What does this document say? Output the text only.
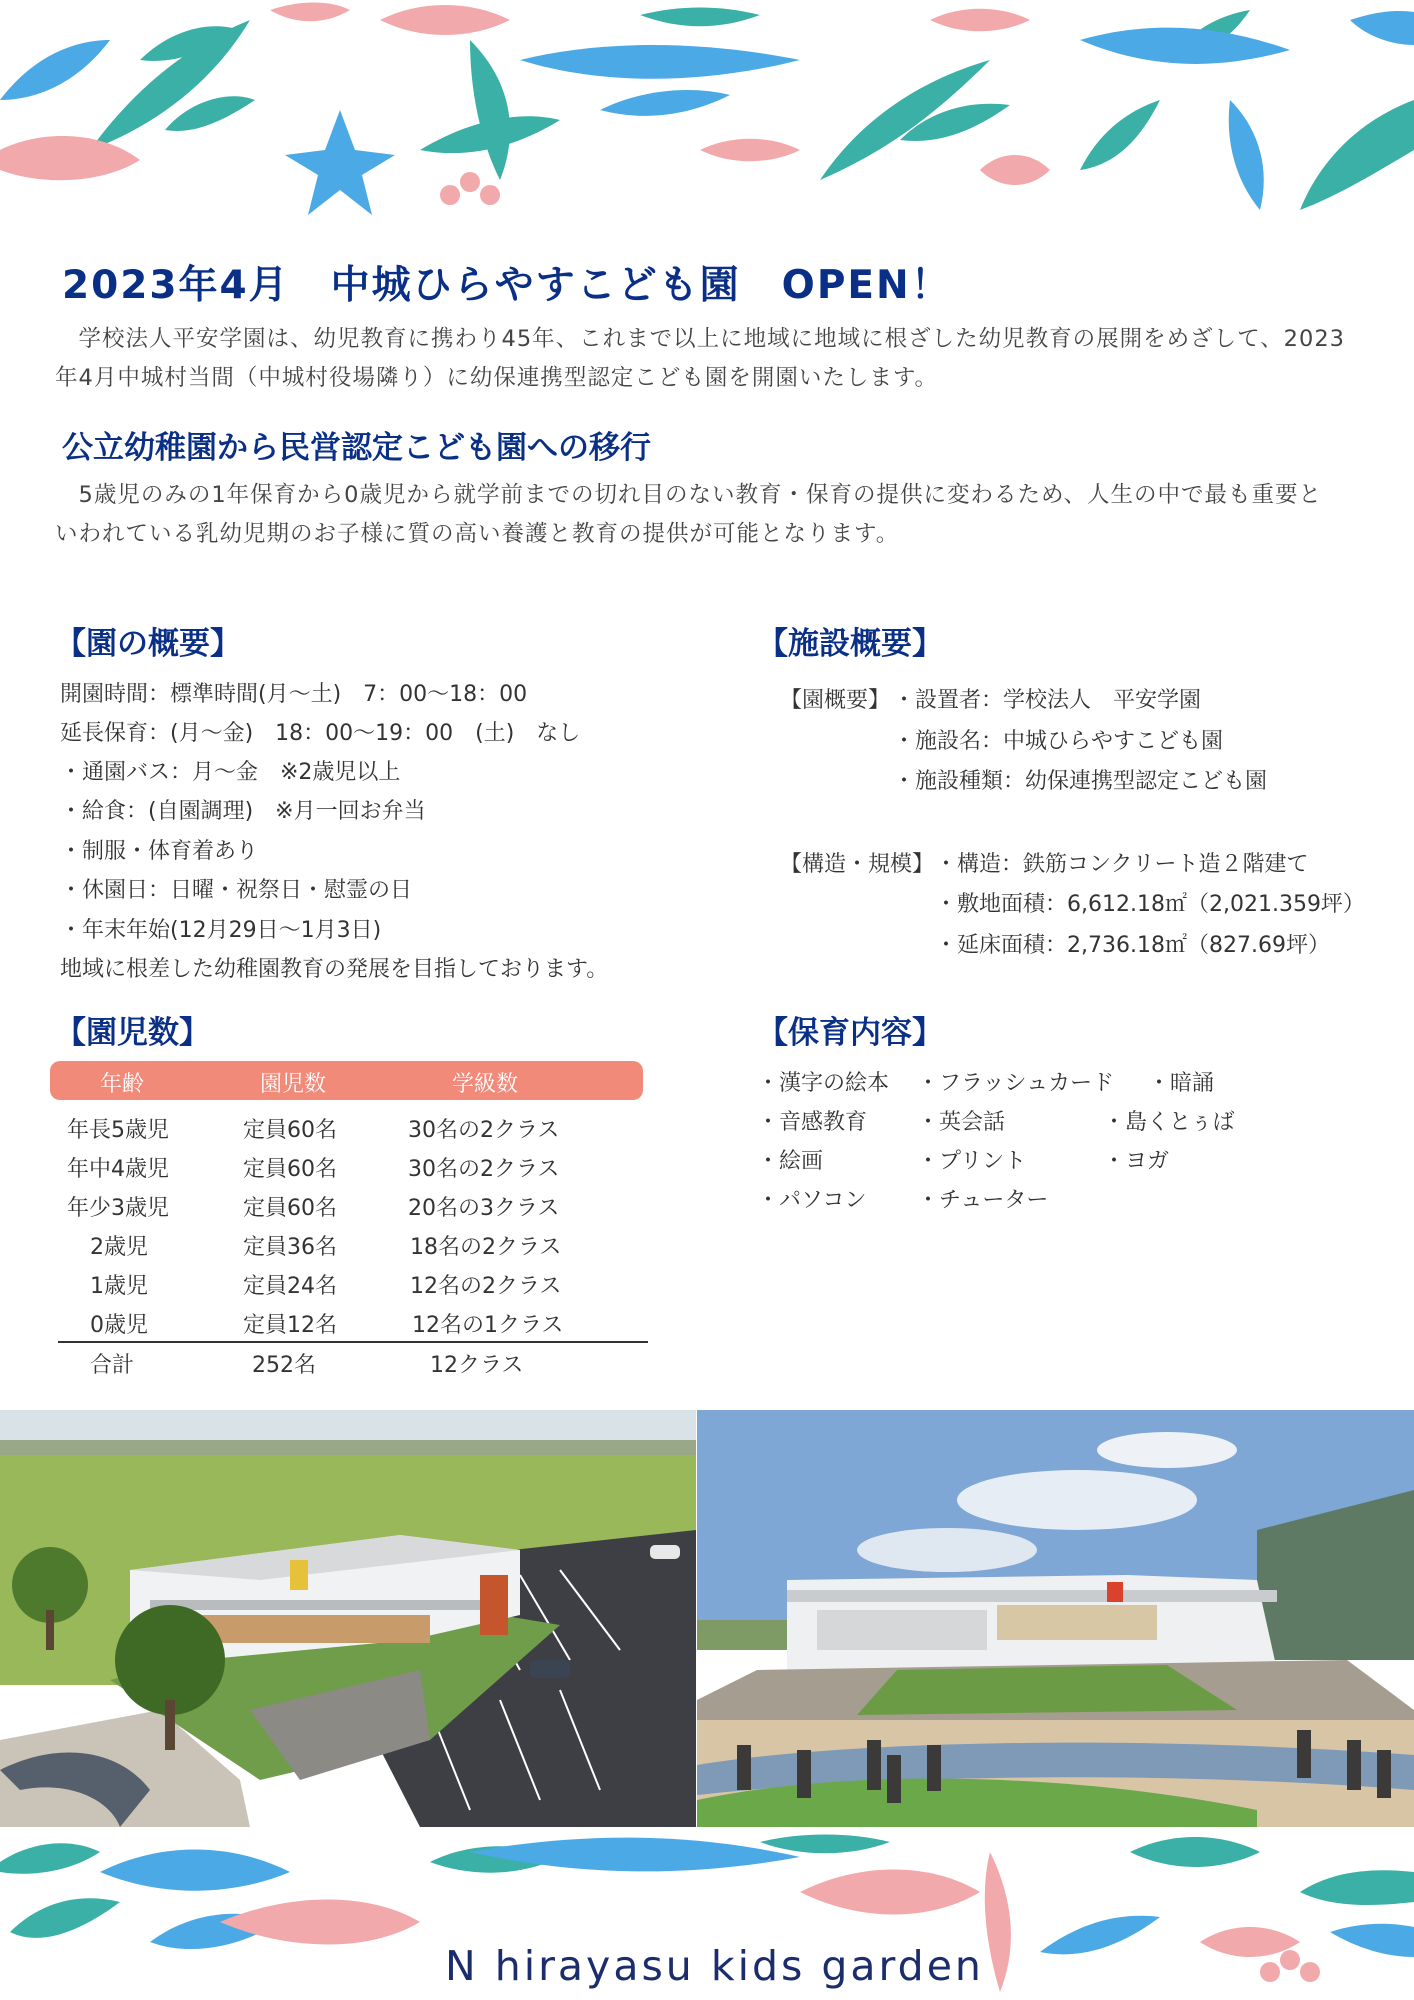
2023年4月　中城ひらやすこども園　OPEN！
　学校法人平安学園は、幼児教育に携わり45年、これまで以上に地域に地域に根ざした幼児教育の展開をめざして、2023年4月中城村当間（中城村役場隣り）に幼保連携型認定こども園を開園いたします。
公立幼稚園から民営認定こども園への移行
　5歳児のみの1年保育から0歳児から就学前までの切れ目のない教育・保育の提供に変わるため、人生の中で最も重要といわれている乳幼児期のお子様に質の高い養護と教育の提供が可能となります。
【園の概要】
開園時間：標準時間(月～土)　7：00～18：00
延長保育：(月～金)　18：00～19：00　(土)　なし
・通園バス：月～金　※2歳児以上
・給食：(自園調理)　※月一回お弁当
・制服・体育着あり
・休園日：日曜・祝祭日・慰霊の日
・年末年始(12月29日～1月3日)
地域に根差した幼稚園教育の発展を目指しております。
【施設概要】
【園概要】 ・設置者：学校法人　平安学園
・施設名：中城ひらやすこども園
・施設種類：幼保連携型認定こども園
【構造・規模】 ・構造：鉄筋コンクリート造２階建て
・敷地面積：6,612.18㎡（2,021.359坪）
・延床面積：2,736.18㎡（827.69坪）
【園児数】
年齢	園児数	学級数
年長5歳児	定員60名	30名の2クラス
年中4歳児	定員60名	30名の2クラス
年少3歳児	定員60名	20名の3クラス
2歳児	定員36名	18名の2クラス
1歳児	定員24名	12名の2クラス
0歳児	定員12名	12名の1クラス
合計	252名	12クラス
【保育内容】
・漢字の絵本
・音感教育
・絵画
・パソコン
・フラッシュカード
・英会話
・プリント
・チューター
・暗誦
・島くとぅば
・ヨガ
N hirayasu kids garden
